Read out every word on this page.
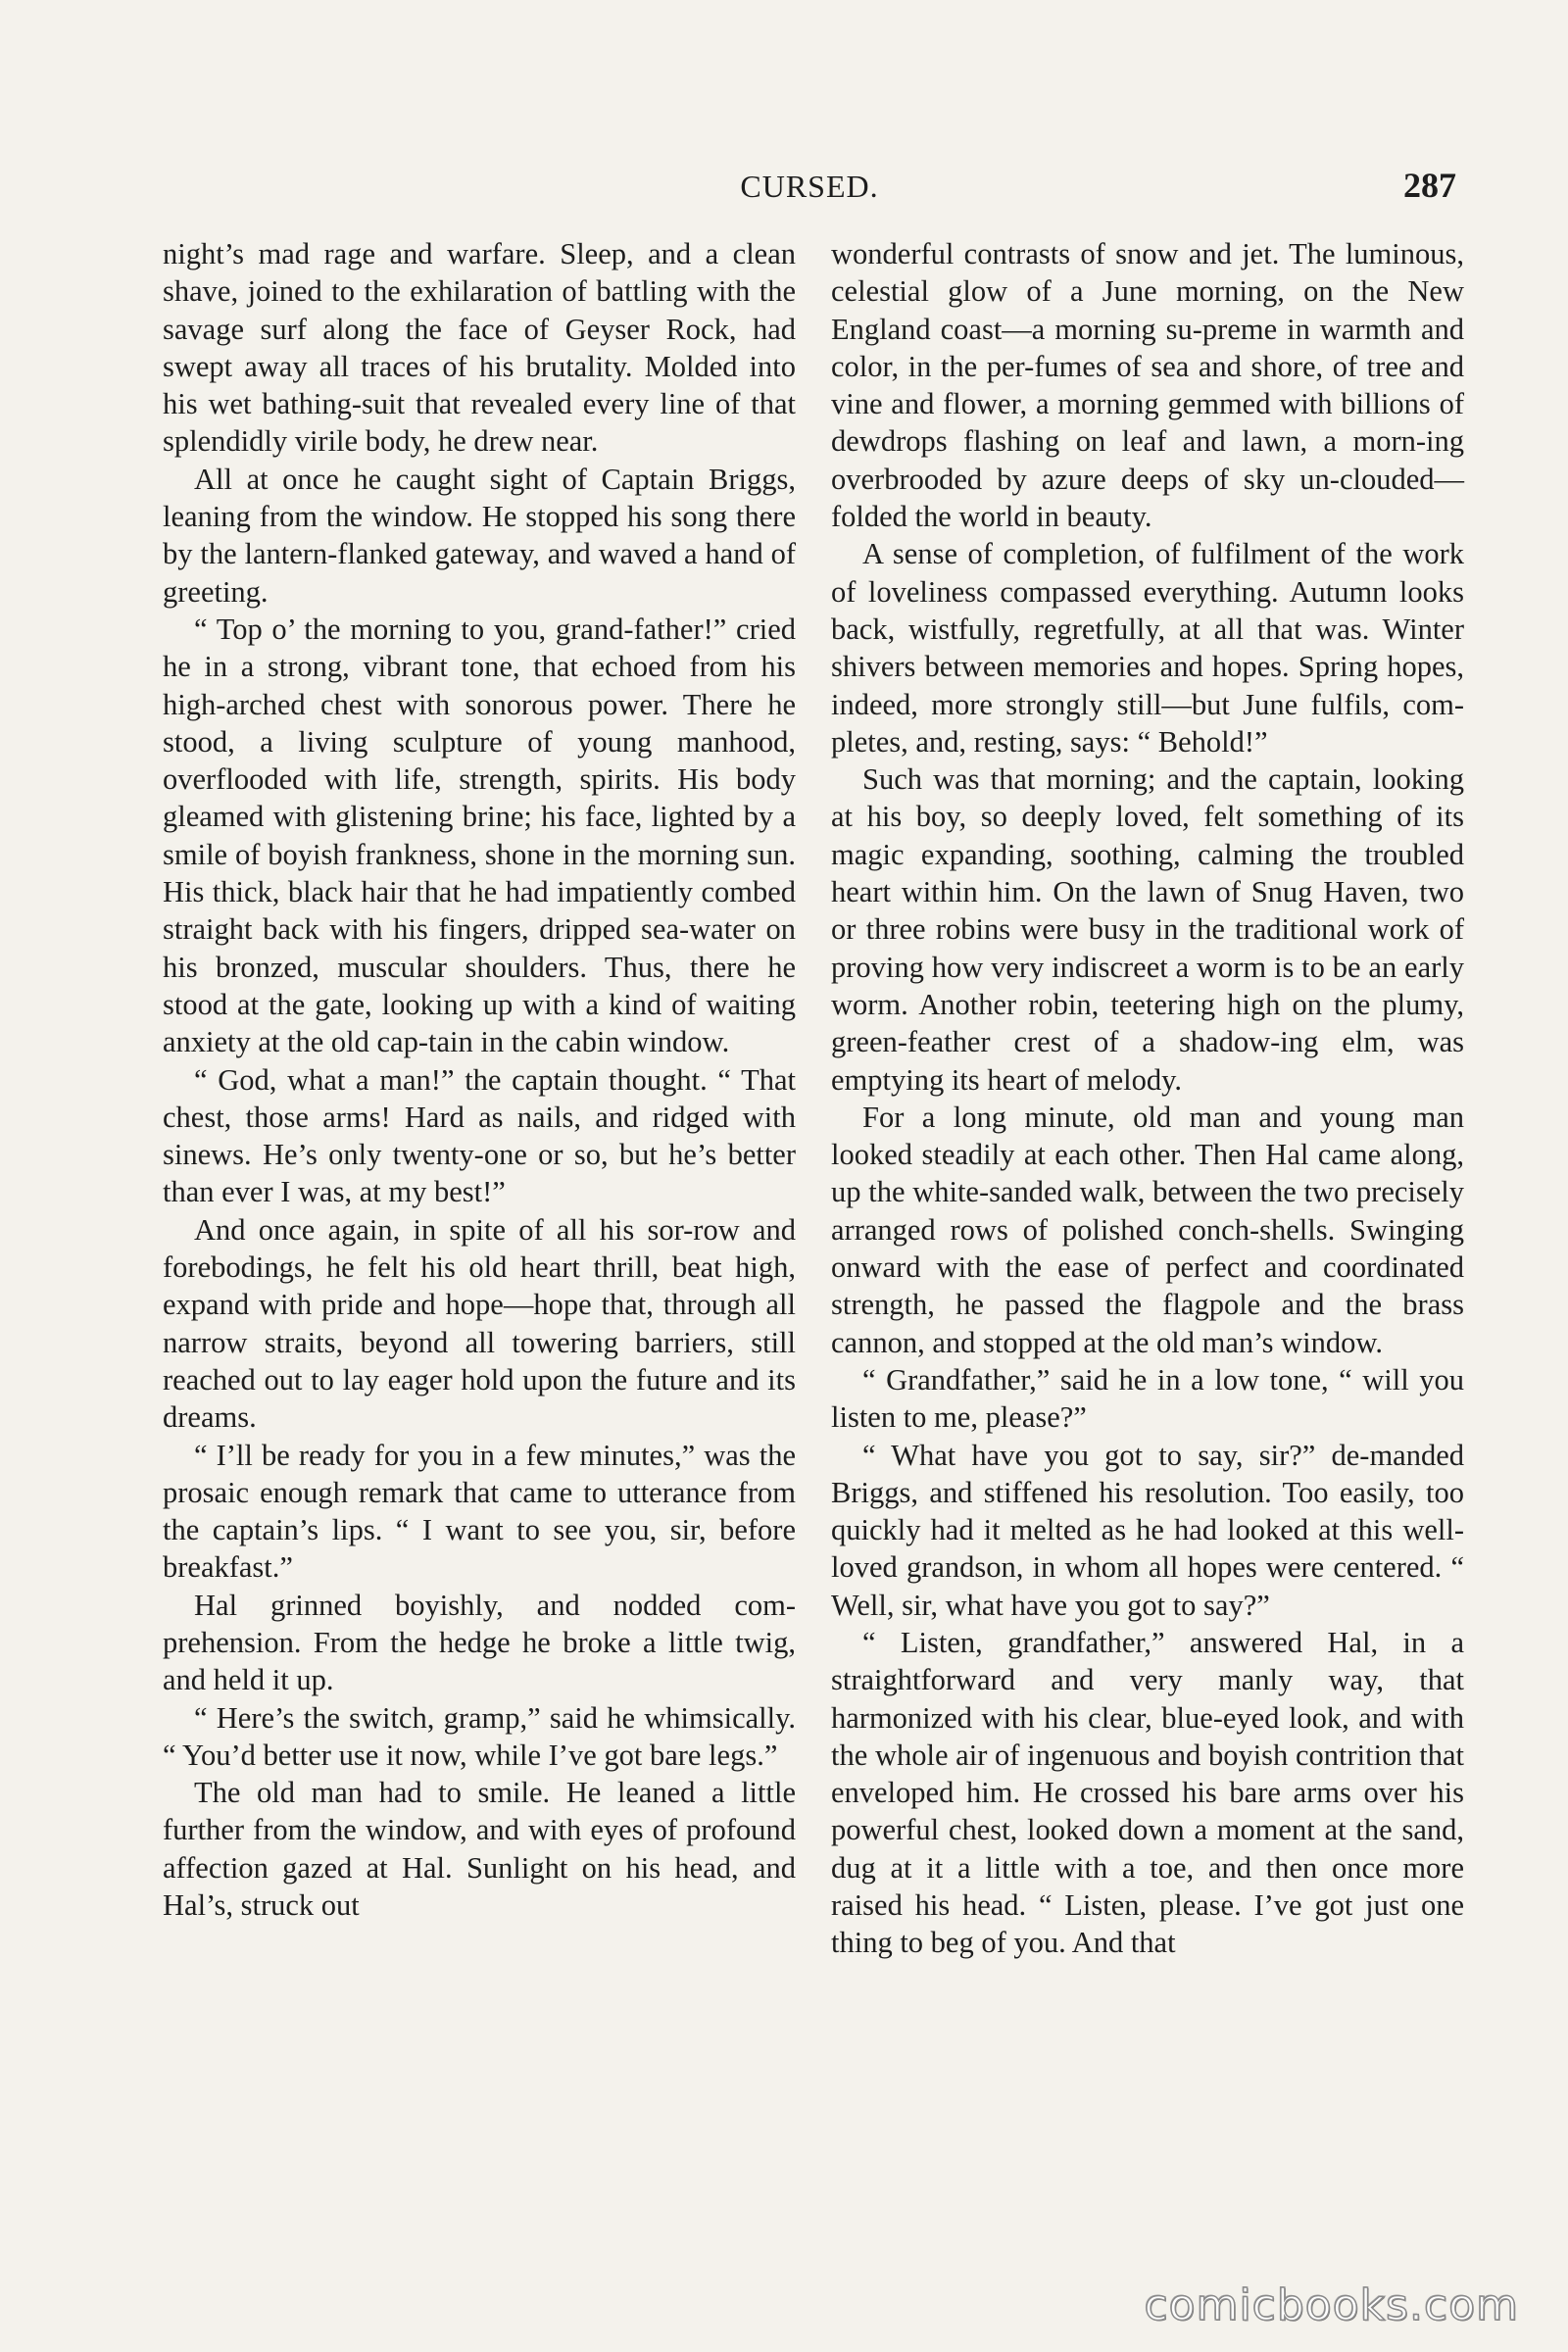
CURSED.	287

night’s mad rage and warfare. Sleep, and a clean shave, joined to the exhilaration of battling with the savage surf along the face of Geyser Rock, had swept away all traces of his brutality. Molded into his wet bathing-suit that revealed every line of that splendidly virile body, he drew near.

All at once he caught sight of Captain Briggs, leaning from the window. He stopped his song there by the lantern-flanked gateway, and waved a hand of greeting.

“ Top o’ the morning to you, grand-father!” cried he in a strong, vibrant tone, that echoed from his high-arched chest with sonorous power. There he stood, a living sculpture of young manhood, overflooded with life, strength, spirits. His body gleamed with glistening brine; his face, lighted by a smile of boyish frankness, shone in the morning sun. His thick, black hair that he had impatiently combed straight back with his fingers, dripped sea-water on his bronzed, muscular shoulders. Thus, there he stood at the gate, looking up with a kind of waiting anxiety at the old cap-tain in the cabin window.

“ God, what a man!” the captain thought. “ That chest, those arms! Hard as nails, and ridged with sinews. He’s only twenty-one or so, but he’s better than ever I was, at my best!”

And once again, in spite of all his sor-row and forebodings, he felt his old heart thrill, beat high, expand with pride and hope—hope that, through all narrow straits, beyond all towering barriers, still reached out to lay eager hold upon the future and its dreams.

“ I’ll be ready for you in a few minutes,” was the prosaic enough remark that came to utterance from the captain’s lips. “ I want to see you, sir, before breakfast.”

Hal grinned boyishly, and nodded com-prehension. From the hedge he broke a little twig, and held it up.

“ Here’s the switch, gramp,” said he whimsically. “ You’d better use it now, while I’ve got bare legs.”

The old man had to smile. He leaned a little further from the window, and with eyes of profound affection gazed at Hal. Sunlight on his head, and Hal’s, struck out

wonderful contrasts of snow and jet. The luminous, celestial glow of a June morning, on the New England coast—a morning su-preme in warmth and color, in the per-fumes of sea and shore, of tree and vine and flower, a morning gemmed with billions of dewdrops flashing on leaf and lawn, a morn-ing overbrooded by azure deeps of sky un-clouded—folded the world in beauty.

A sense of completion, of fulfilment of the work of loveliness compassed everything. Autumn looks back, wistfully, regretfully, at all that was. Winter shivers between memories and hopes. Spring hopes, indeed, more strongly still—but June fulfils, com-pletes, and, resting, says: “ Behold!”

Such was that morning; and the captain, looking at his boy, so deeply loved, felt something of its magic expanding, soothing, calming the troubled heart within him. On the lawn of Snug Haven, two or three robins were busy in the traditional work of proving how very indiscreet a worm is to be an early worm. Another robin, teetering high on the plumy, green-feather crest of a shadow-ing elm, was emptying its heart of melody.

For a long minute, old man and young man looked steadily at each other. Then Hal came along, up the white-sanded walk, between the two precisely arranged rows of polished conch-shells. Swinging onward with the ease of perfect and coordinated strength, he passed the flagpole and the brass cannon, and stopped at the old man’s window.

“ Grandfather,” said he in a low tone, “ will you listen to me, please?”

“ What have you got to say, sir?” de-manded Briggs, and stiffened his resolution. Too easily, too quickly had it melted as he had looked at this well-loved grandson, in whom all hopes were centered. “ Well, sir, what have you got to say?”

“ Listen, grandfather,” answered Hal, in a straightforward and very manly way, that harmonized with his clear, blue-eyed look, and with the whole air of ingenuous and boyish contrition that enveloped him. He crossed his bare arms over his powerful chest, looked down a moment at the sand, dug at it a little with a toe, and then once more raised his head. “ Listen, please. I’ve got just one thing to beg of you. And that

comicbooks.com
